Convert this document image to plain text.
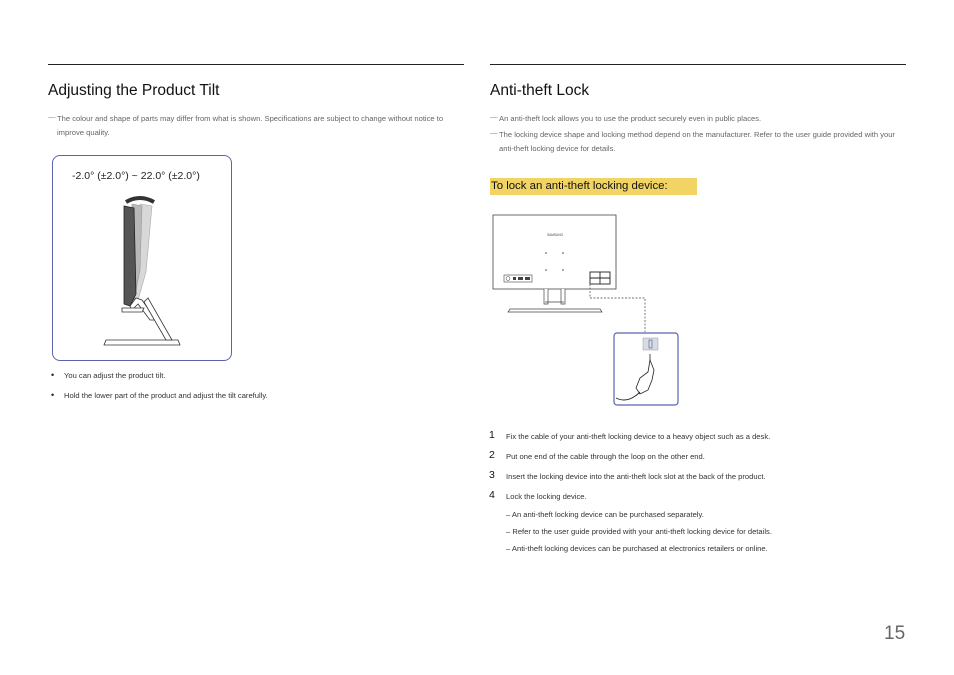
Adjusting the Product Tilt
— The colour and shape of parts may differ from what is shown. Specifications are subject to change without notice to improve quality.
-2.0° (±2.0°) ~ 22.0° (±2.0°)
• You can adjust the product tilt.
• Hold the lower part of the product and adjust the tilt carefully.
Anti-theft Lock
— An anti-theft lock allows you to use the product securely even in public places.
— The locking device shape and locking method depend on the manufacturer. Refer to the user guide provided with your anti-theft locking device for details.
To lock an anti-theft locking device:
SAMSUNG
1 Fix the cable of your anti-theft locking device to a heavy object such as a desk.
2 Put one end of the cable through the loop on the other end.
3 Insert the locking device into the anti-theft lock slot at the back of the product.
4 Lock the locking device.
– An anti-theft locking device can be purchased separately.
– Refer to the user guide provided with your anti-theft locking device for details.
– Anti-theft locking devices can be purchased at electronics retailers or online.
15
